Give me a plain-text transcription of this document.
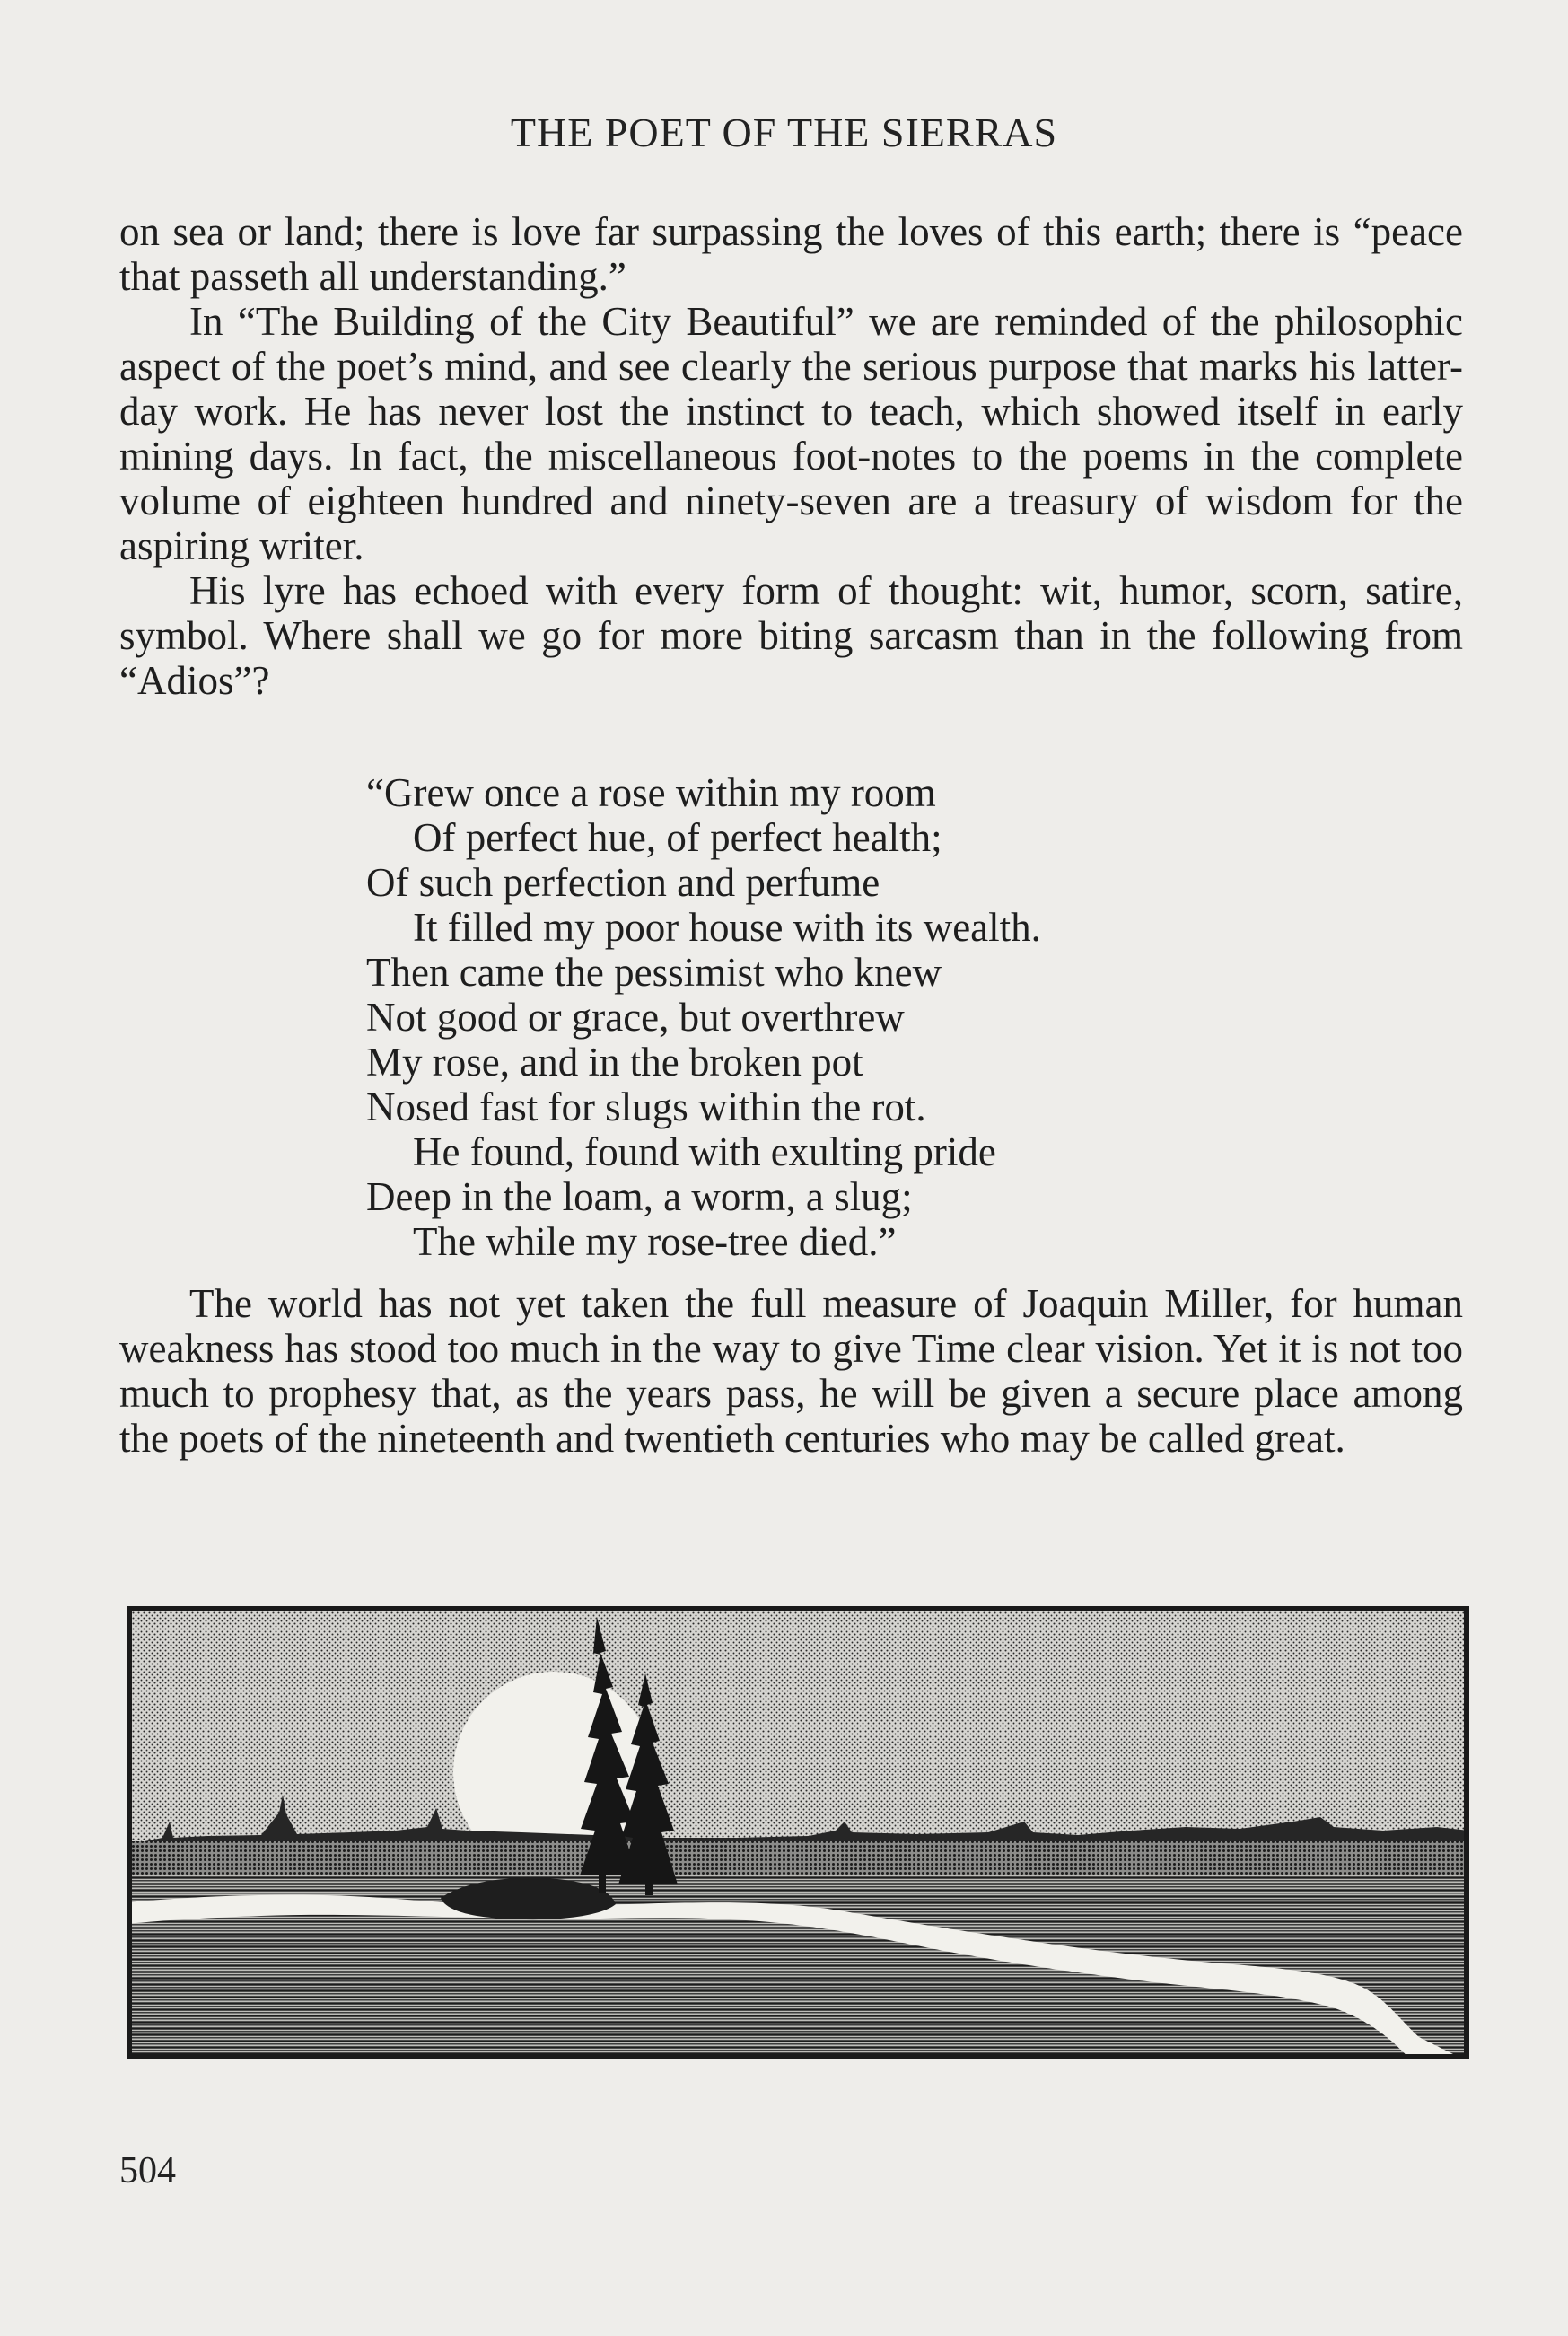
THE POET OF THE SIERRAS

on sea or land; there is love far surpassing the loves of this earth; there is “peace that passeth all understanding.”

In “The Building of the City Beautiful” we are reminded of the philosophic aspect of the poet’s mind, and see clearly the serious purpose that marks his latter-day work. He has never lost the instinct to teach, which showed itself in early mining days. In fact, the miscellaneous foot-notes to the poems in the complete volume of eighteen hundred and ninety-seven are a treasury of wisdom for the aspiring writer.

His lyre has echoed with every form of thought: wit, humor, scorn, satire, symbol. Where shall we go for more biting sarcasm than in the following from “Adios”?

“Grew once a rose within my room
Of perfect hue, of perfect health;
Of such perfection and perfume
It filled my poor house with its wealth.
Then came the pessimist who knew
Not good or grace, but overthrew
My rose, and in the broken pot
Nosed fast for slugs within the rot.
He found, found with exulting pride
Deep in the loam, a worm, a slug;
The while my rose-tree died.”

The world has not yet taken the full measure of Joaquin Miller, for human weakness has stood too much in the way to give Time clear vision. Yet it is not too much to prophesy that, as the years pass, he will be given a secure place among the poets of the nineteenth and twentieth centuries who may be called great.

504
